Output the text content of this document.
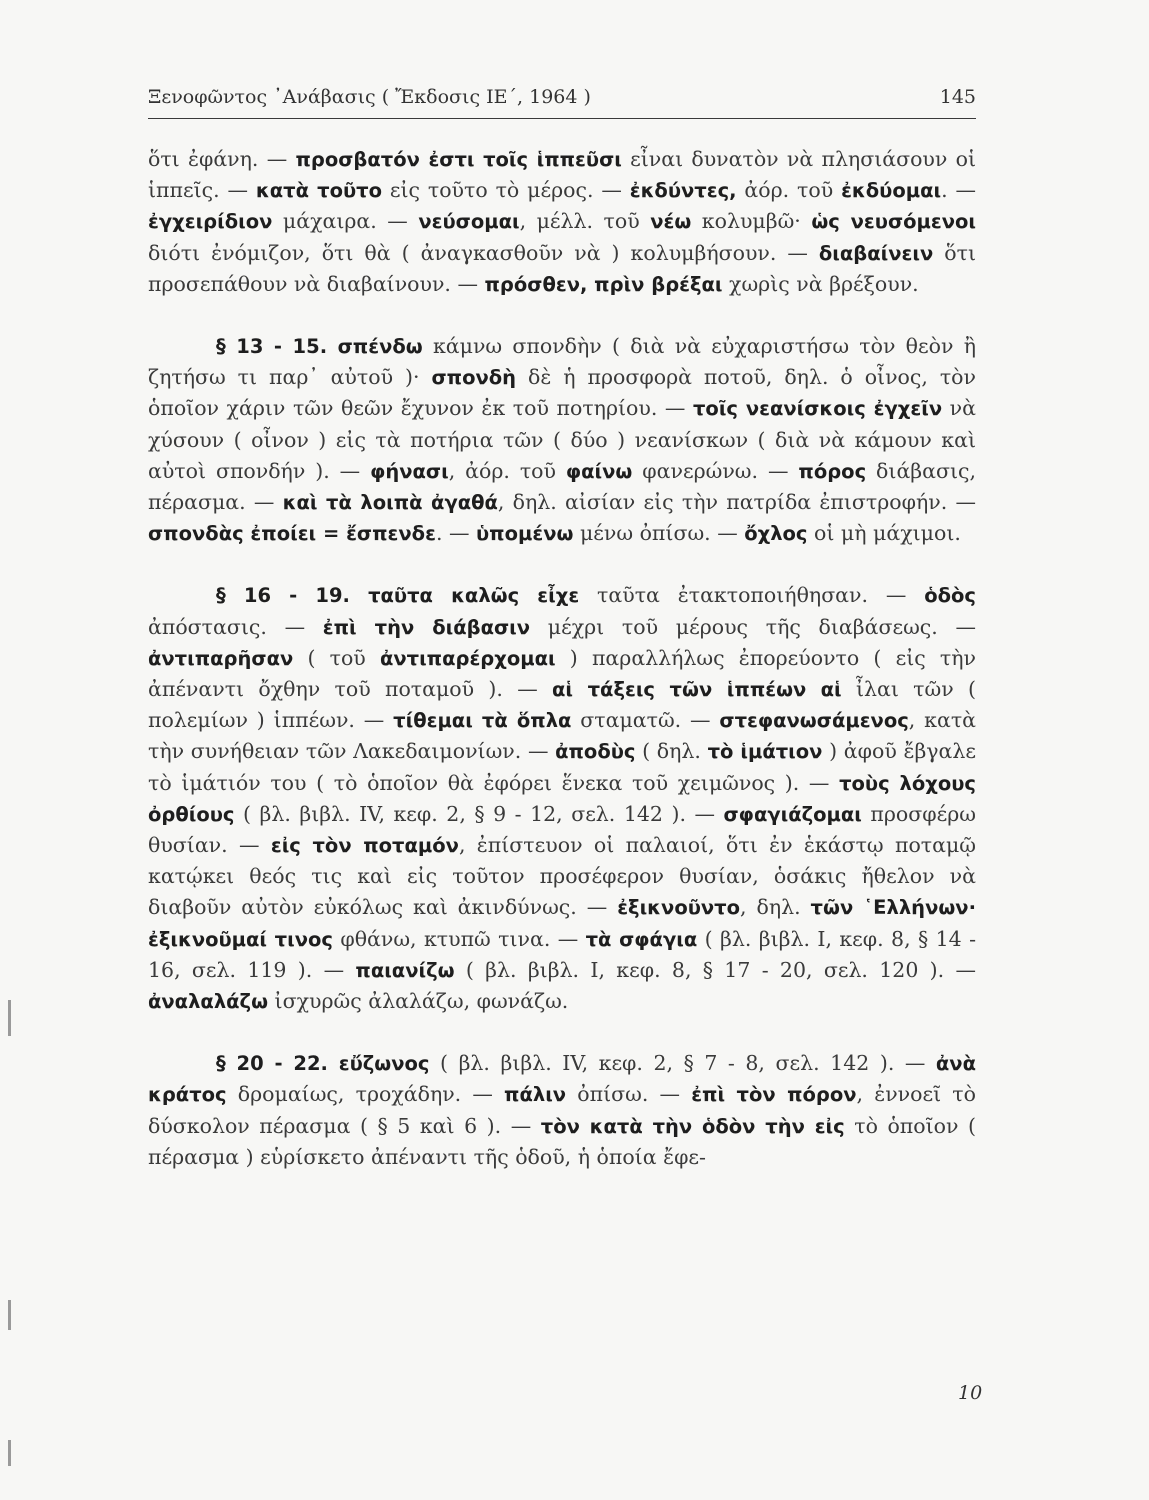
Ξενοφῶντος ᾿Ανάβασις ( Ἔκδοσις ΙΕ΄, 1964 )	145

ὅτι ἐφάνη. — προσβατόν ἐστι τοῖς ἱππεῦσι εἶναι δυνατὸν νὰ πλησιάσουν οἱ ἱππεῖς. — κατὰ τοῦτο εἰς τοῦτο τὸ μέρος. — ἐκδύντες, ἀόρ. τοῦ ἐκδύομαι. — ἐγχειρίδιον μάχαιρα. — νεύσομαι, μέλλ. τοῦ νέω κολυμβῶ· ὡς νευσόμενοι διότι ἐνόμιζον, ὅτι θὰ ( ἀναγκασθοῦν νὰ ) κολυμβήσουν. — διαβαίνειν ὅτι προσεπάθουν νὰ διαβαίνουν. — πρόσθεν, πρὶν βρέξαι χωρὶς νὰ βρέξουν.

§ 13 - 15. σπένδω κάμνω σπονδὴν ( διὰ νὰ εὐχαριστήσω τὸν θεὸν ἢ ζητήσω τι παρ᾽ αὐτοῦ )· σπονδὴ δὲ ἡ προσφορὰ ποτοῦ, δηλ. ὁ οἶνος, τὸν ὁποῖον χάριν τῶν θεῶν ἔχυνον ἐκ τοῦ ποτηρίου. — τοῖς νεανίσκοις ἐγχεῖν νὰ χύσουν ( οἶνον ) εἰς τὰ ποτήρια τῶν ( δύο ) νεανίσκων ( διὰ νὰ κάμουν καὶ αὐτοὶ σπονδήν ). — φήνασι, ἀόρ. τοῦ φαίνω φανερώνω. — πόρος διάβασις, πέρασμα. — καὶ τὰ λοιπὰ ἀγαθά, δηλ. αἰσίαν εἰς τὴν πατρίδα ἐπιστροφήν. — σπονδὰς ἐποίει = ἔσπενδε. — ὑπομένω μένω ὀπίσω. — ὄχλος οἱ μὴ μάχιμοι.

§ 16 - 19. ταῦτα καλῶς εἶχε ταῦτα ἐτακτοποιήθησαν. — ὁδὸς ἀπόστασις. — ἐπὶ τὴν διάβασιν μέχρι τοῦ μέρους τῆς διαβάσεως. — ἀντιπαρῆσαν ( τοῦ ἀντιπαρέρχομαι ) παραλλήλως ἐπορεύοντο ( εἰς τὴν ἀπέναντι ὄχθην τοῦ ποταμοῦ ). — αἱ τάξεις τῶν ἱππέων αἱ ἶλαι τῶν ( πολεμίων ) ἱππέων. — τίθεμαι τὰ ὅπλα σταματῶ. — στεφανωσάμενος, κατὰ τὴν συνήθειαν τῶν Λακεδαιμονίων. — ἀποδὺς ( δηλ. τὸ ἱμάτιον ) ἀφοῦ ἔβγαλε τὸ ἱμάτιόν του ( τὸ ὁποῖον θὰ ἐφόρει ἕνεκα τοῦ χειμῶνος ). — τοὺς λόχους ὀρθίους ( βλ. βιβλ. IV, κεφ. 2, § 9 - 12, σελ. 142 ). — σφαγιάζομαι προσφέρω θυσίαν. — εἰς τὸν ποταμόν, ἐπίστευον οἱ παλαιοί, ὅτι ἐν ἑκάστῳ ποταμῷ κατῴκει θεός τις καὶ εἰς τοῦτον προσέφερον θυσίαν, ὁσάκις ἤθελον νὰ διαβοῦν αὐτὸν εὐκόλως καὶ ἀκινδύνως. — ἐξικνοῦντο, δηλ. τῶν ῾Ελλήνων· ἐξικνοῦμαί τινος φθάνω, κτυπῶ τινα. — τὰ σφάγια ( βλ. βιβλ. I, κεφ. 8, § 14 - 16, σελ. 119 ). — παιανίζω ( βλ. βιβλ. I, κεφ. 8, § 17 - 20, σελ. 120 ). — ἀναλαλάζω ἰσχυρῶς ἀλαλάζω, φωνάζω.

§ 20 - 22. εὔζωνος ( βλ. βιβλ. IV, κεφ. 2, § 7 - 8, σελ. 142 ). — ἀνὰ κράτος δρομαίως, τροχάδην. — πάλιν ὀπίσω. — ἐπὶ τὸν πόρον, ἐννοεῖ τὸ δύσκολον πέρασμα ( § 5 καὶ 6 ). — τὸν κατὰ τὴν ὁδὸν τὴν εἰς τὸ ὁποῖον ( πέρασμα ) εὑρίσκετο ἀπέναντι τῆς ὁδοῦ, ἡ ὁποία ἔφε-

10
